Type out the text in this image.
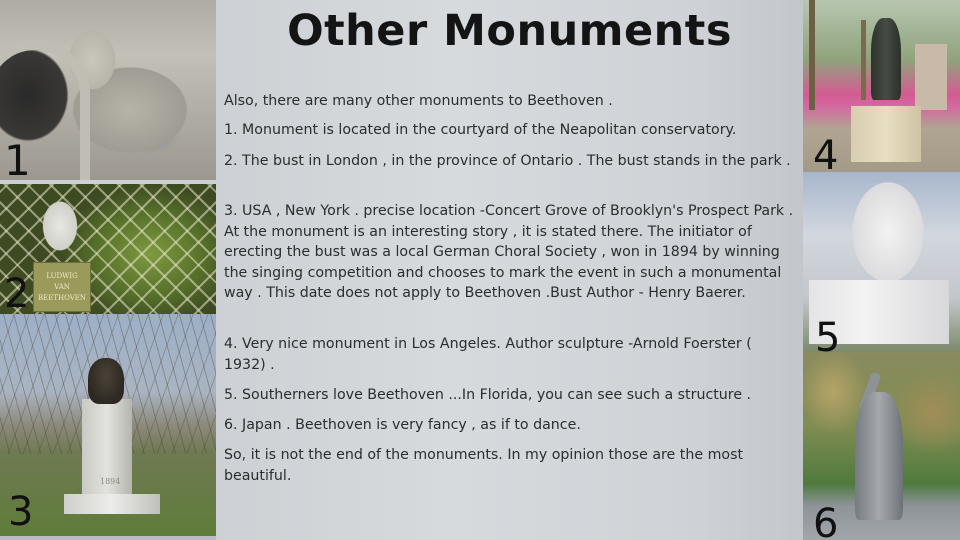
1
LUDWIG
VAN
BEETHOVEN
2
1894
3
4
5
6
Other Monuments

Also, there are many other monuments to Beethoven .

1. Monument is located in the courtyard of the Neapolitan conservatory.

2. The bust in London , in the province of Ontario . The bust stands in the park .

3. USA , New York . precise location -Concert Grove of Brooklyn's Prospect Park . At the monument is an interesting story , it is stated there. The initiator of erecting the bust was a local German Choral Society , won in 1894 by winning the singing competition and chooses to mark the event in such a monumental way . This date does not apply to Beethoven .Bust Author - Henry Baerer.

4. Very nice monument in Los Angeles. Author sculpture -Arnold Foerster ( 1932) .

5. Southerners love Beethoven ...In Florida, you can see such a structure .

6. Japan . Beethoven is very fancy , as if to dance.

So, it is not the end of the monuments. In my opinion those are the most beautiful.
